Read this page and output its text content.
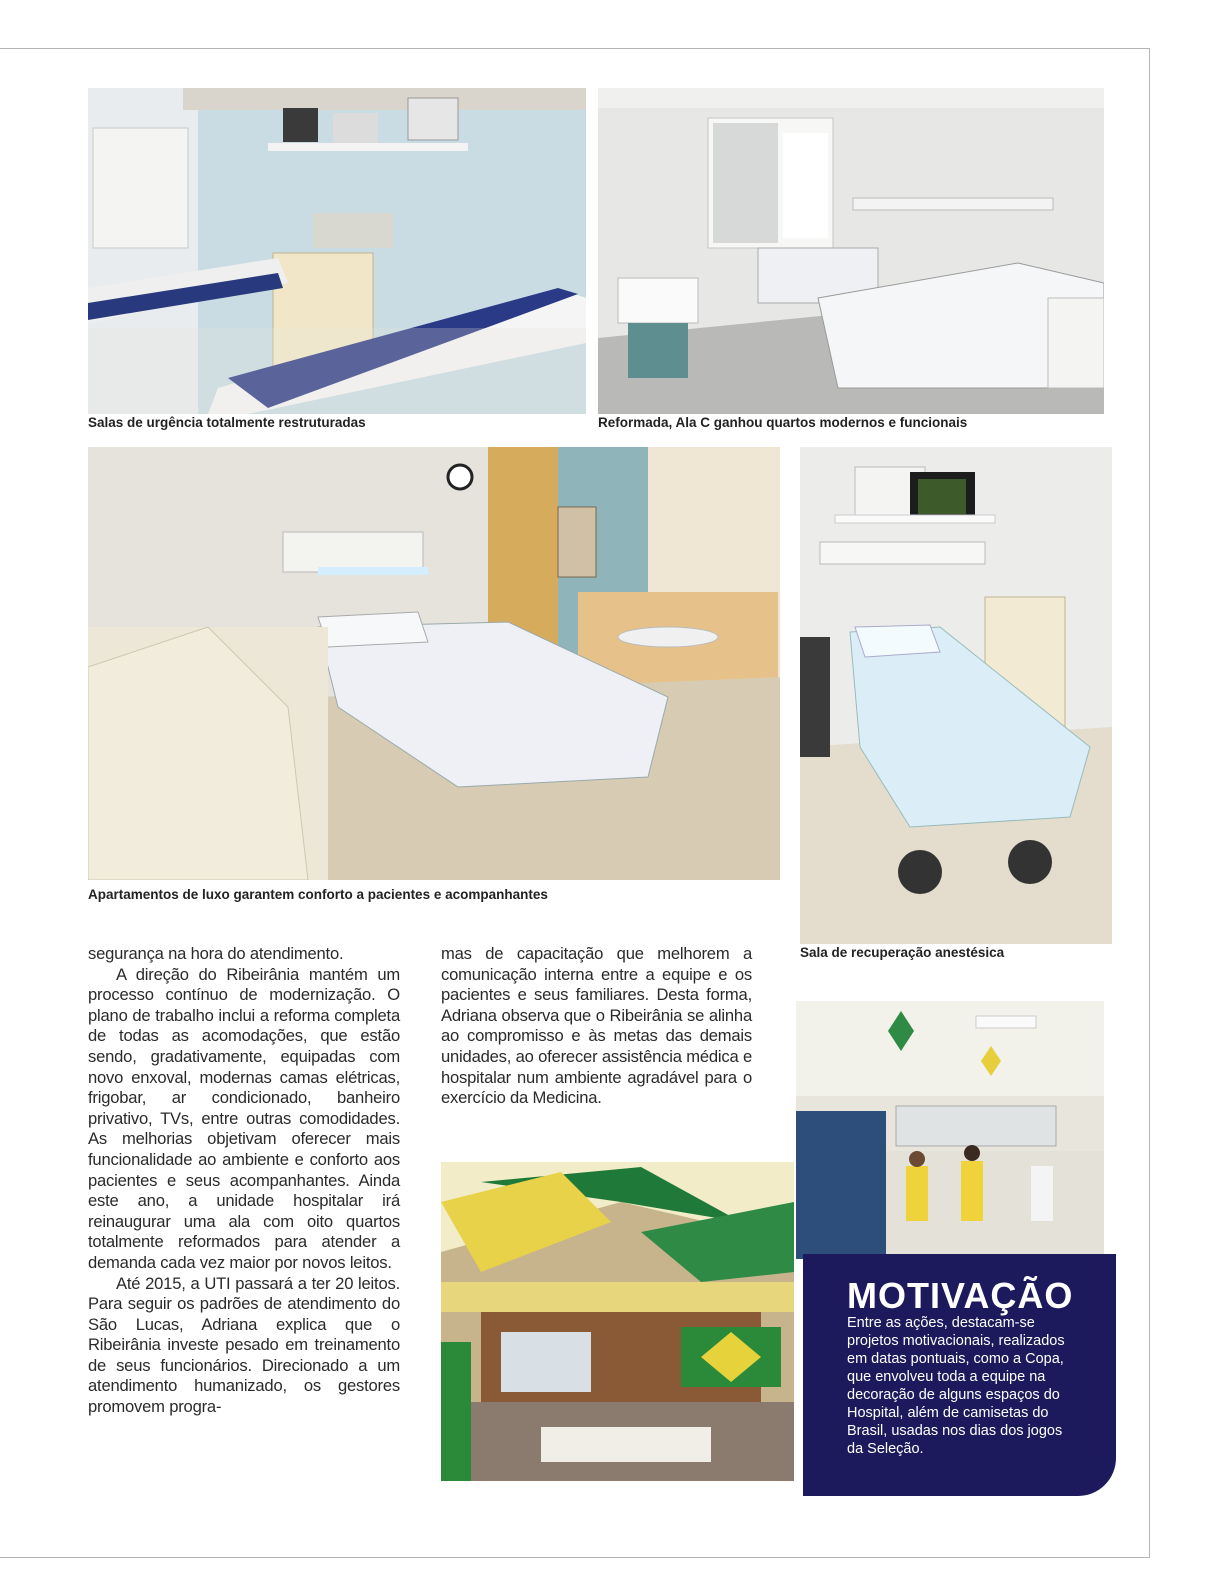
Salas de urgência totalmente restruturadas	Reformada, Ala C ganhou quartos modernos e funcionais
Apartamentos de luxo garantem conforto a pacientes e acompanhantes
Sala de recuperação anestésica

segurança na hora do atendimento.

A direção do Ribeirânia mantém um processo contínuo de modernização. O plano de trabalho inclui a reforma completa de todas as acomodações, que estão sendo, gradativamente, equipadas com novo enxoval, modernas camas elétricas, frigobar, ar condicionado, banheiro privativo, TVs, entre outras comodidades. As melhorias objetivam oferecer mais funcionalidade ao ambiente e conforto aos pacientes e seus acompanhantes. Ainda este ano, a unidade hospitalar irá reinaugurar uma ala com oito quartos totalmente reformados para atender a demanda cada vez maior por novos leitos.

Até 2015, a UTI passará a ter 20 leitos. Para seguir os padrões de atendimento do São Lucas, Adriana explica que o Ribeirânia investe pesado em treinamento de seus funcionários. Direcionado a um atendimento humanizado, os gestores promovem progra-

mas de capacitação que melhorem a comunicação interna entre a equipe e os pacientes e seus familiares. Desta forma, Adriana observa que o Ribeirânia se alinha ao compromisso e às metas das demais unidades, ao oferecer assistência médica e hospitalar num ambiente agradável para o exercício da Medicina.

MOTIVAÇÃO
Entre as ações, destacam-se projetos motivacionais, realizados em datas pontuais, como a Copa, que envolveu toda a equipe na decoração de alguns espaços do Hospital, além de camisetas do Brasil, usadas nos dias dos jogos da Seleção.
